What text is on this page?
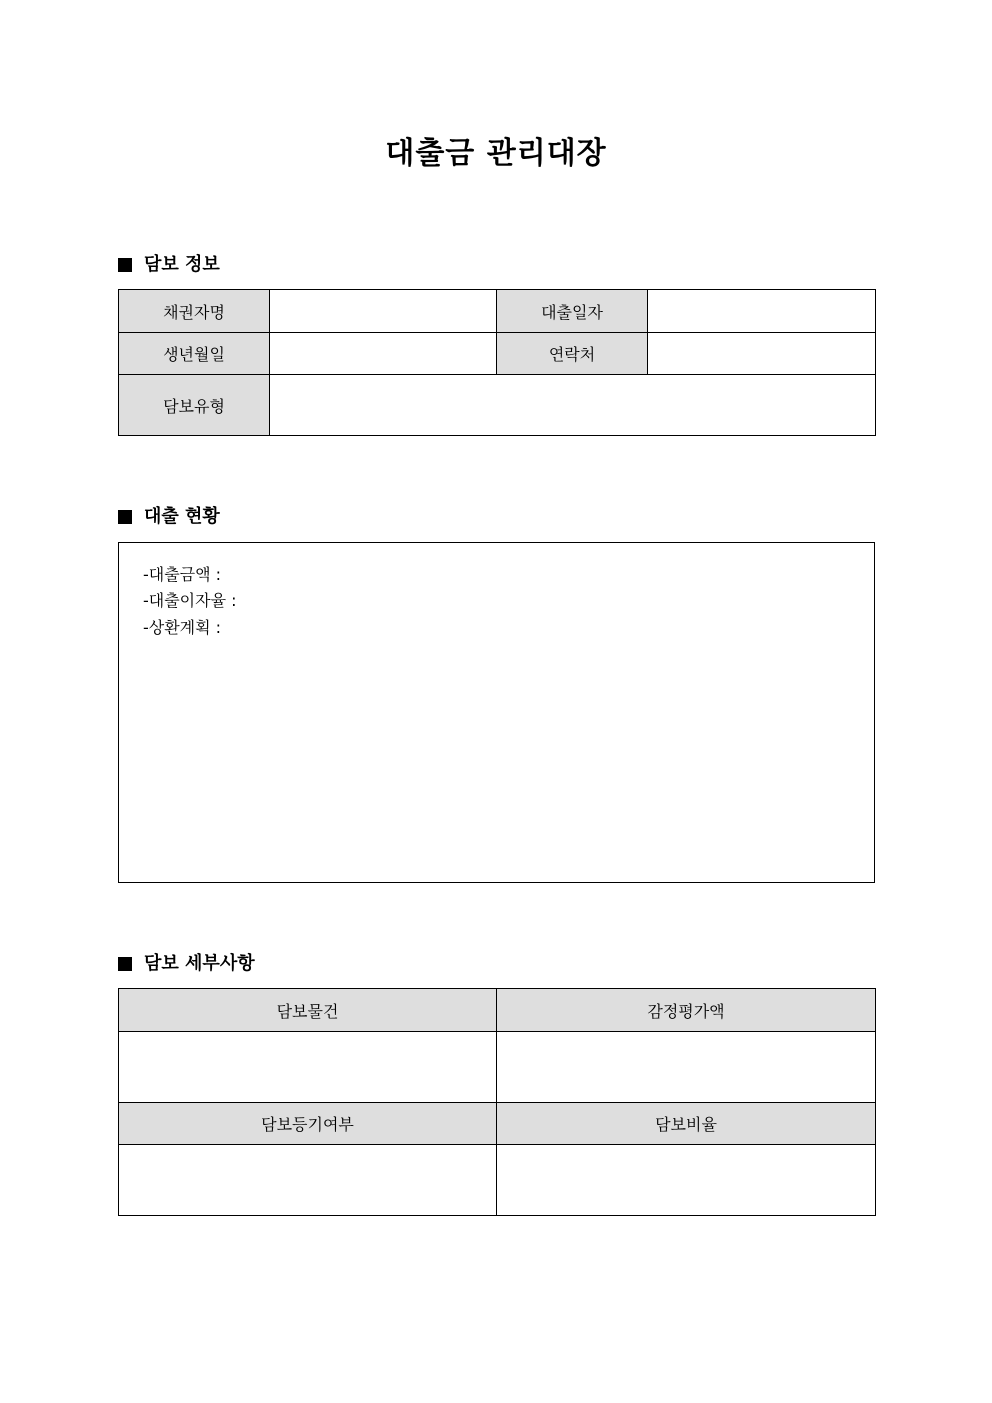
대출금 관리대장
담보 정보
채권자명		대출일자	
생년월일		연락처	
담보유형			
대출 현황
-대출금액 :
-대출이자율 :
-상환계획 :
담보 세부사항
담보물건	감정평가액

담보등기여부	담보비율
